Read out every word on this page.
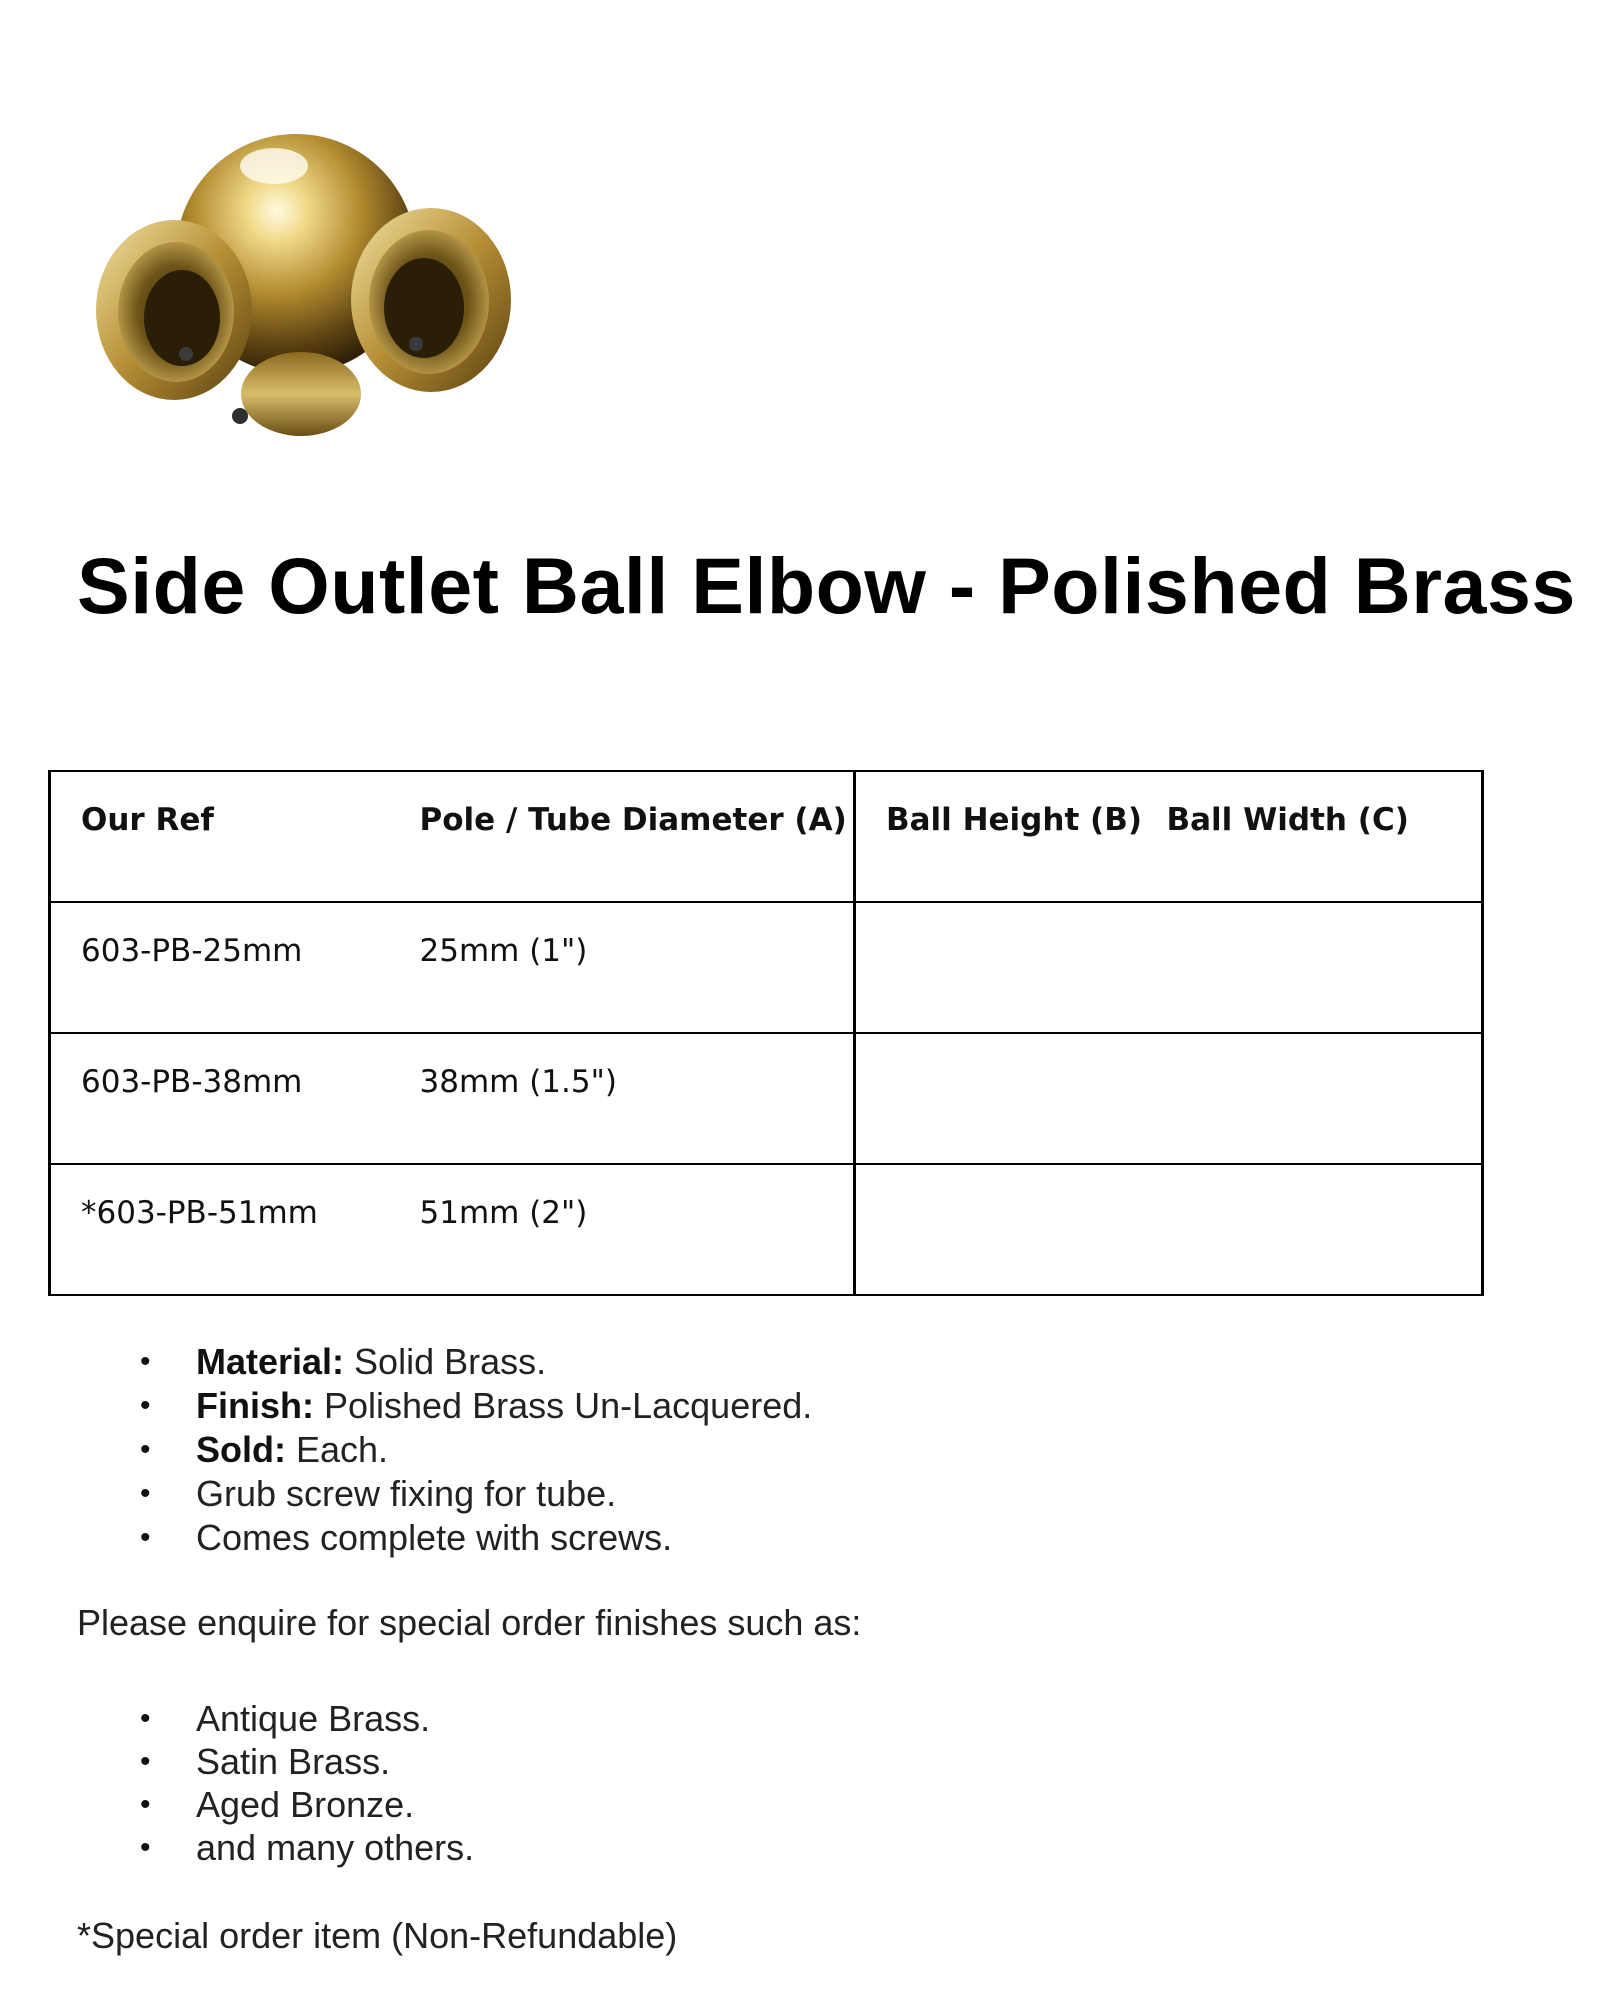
Side Outlet Ball Elbow - Polished Brass
Our Ref	Pole / Tube Diameter (A)	Ball Height (B)	Ball Width (C)
603-PB-25mm	25mm (1")		
603-PB-38mm	38mm (1.5")		
*603-PB-51mm	51mm (2")		
• Material: Solid Brass.
• Finish: Polished Brass Un-Lacquered.
• Sold: Each.
• Grub screw fixing for tube.
• Comes complete with screws.

Please enquire for special order finishes such as:

• Antique Brass.
• Satin Brass.
• Aged Bronze.
• and many others.

*Special order item (Non-Refundable)
